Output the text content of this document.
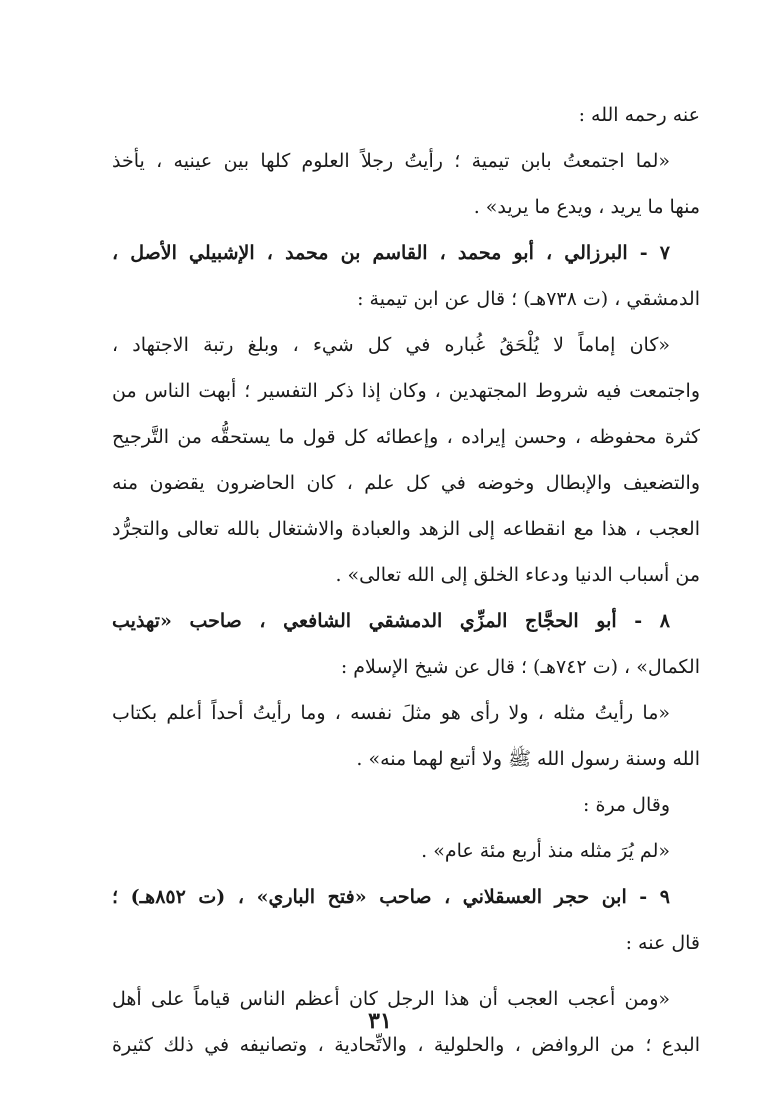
عنه رحمه الله :
«لما اجتمعتُ بابن تيمية ؛ رأيتُ رجلاً العلوم كلها بين عينيه ، يأخذ
منها ما يريد ، ويدع ما يريد» .
٧ - البرزالي ، أبو محمد ، القاسم بن محمد ، الإشبيلي الأصل ،
الدمشقي ، (ت ٧٣٨هـ) ؛ قال عن ابن تيمية :
«كان إماماً لا يُلْحَقُ غُباره في كل شيء ، وبلغ رتبة الاجتهاد ،
واجتمعت فيه شروط المجتهدين ، وكان إذا ذكر التفسير ؛ أبهت الناس من
كثرة محفوظه ، وحسن إيراده ، وإعطائه كل قول ما يستحقُّه من التَّرجيح
والتضعيف والإبطال وخوضه في كل علم ، كان الحاضرون يقضون منه
العجب ، هذا مع انقطاعه إلى الزهد والعبادة والاشتغال بالله تعالى والتجرُّد
من أسباب الدنيا ودعاء الخلق إلى الله تعالى» .
٨ - أبو الحجَّاج المزِّي الدمشقي الشافعي ، صاحب «تهذيب
الكمال» ، (ت ٧٤٢هـ) ؛ قال عن شيخ الإسلام :
«ما رأيتُ مثله ، ولا رأى هو مثلَ نفسه ، وما رأيتُ أحداً أعلم بكتاب
الله وسنة رسول الله ﷺ ولا أتبع لهما منه» .
وقال مرة :
«لم يُرَ مثله منذ أربع مئة عام» .
٩ - ابن حجر العسقلاني ، صاحب «فتح الباري» ، (ت ٨٥٢هـ) ؛
قال عنه :
«ومن أعجب العجب أن هذا الرجل كان أعظم الناس قياماً على أهل
البدع ؛ من الروافض ، والحلولية ، والاتِّحادية ، وتصانيفه في ذلك كثيرة
٣١
